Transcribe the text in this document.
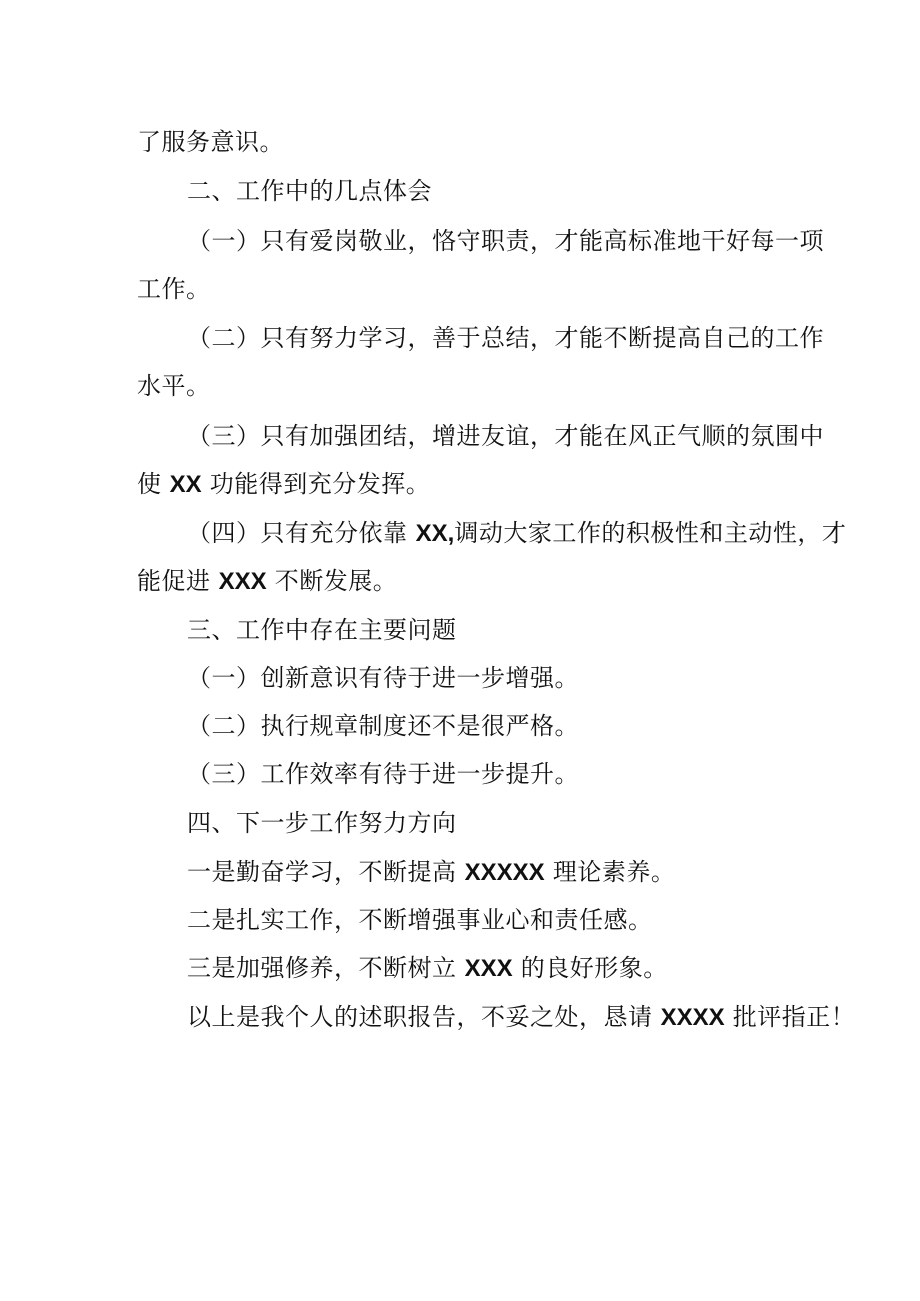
了服务意识。
二、工作中的几点体会
（一）只有爱岗敬业，恪守职责，才能高标准地干好每一项
工作。
（二）只有努力学习，善于总结，才能不断提高自己的工作
水平。
（三）只有加强团结，增进友谊，才能在风正气顺的氛围中
使 XX 功能得到充分发挥。
（四）只有充分依靠 XX,调动大家工作的积极性和主动性，才
能促进 XXX 不断发展。
三、工作中存在主要问题
（一）创新意识有待于进一步增强。
（二）执行规章制度还不是很严格。
（三）工作效率有待于进一步提升。
四、下一步工作努力方向
一是勤奋学习，不断提高 XXXXX 理论素养。
二是扎实工作，不断增强事业心和责任感。
三是加强修养，不断树立 XXX 的良好形象。
以上是我个人的述职报告，不妥之处，恳请 XXXX 批评指正！
